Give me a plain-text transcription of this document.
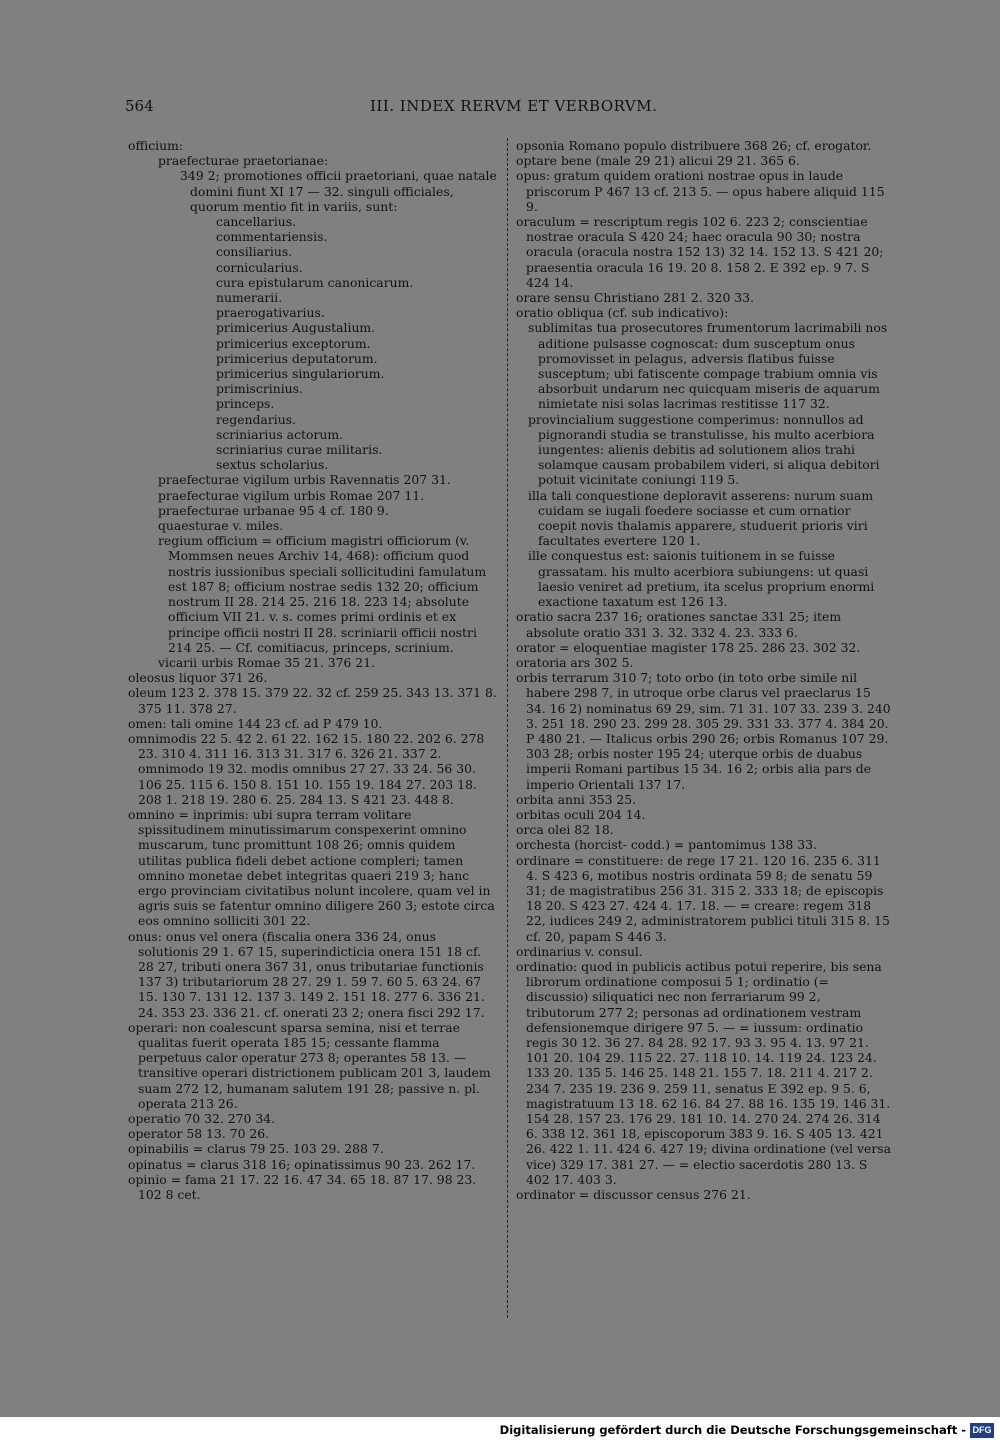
564	III. INDEX RERVM ET VERBORVM.

officium:

praefecturae praetorianae:

349 2; promotiones officii praetoriani, quae natale domini fiunt XI 17 — 32. singuli officiales, quorum mentio fit in variis, sunt:

cancellarius.

commentariensis.

consiliarius.

cornicularius.

cura epistularum canonicarum.

numerarii.

praerogativarius.

primicerius Augustalium.

primicerius exceptorum.

primicerius deputatorum.

primicerius singulariorum.

primiscrinius.

princeps.

regendarius.

scriniarius actorum.

scriniarius curae militaris.

sextus scholarius.

praefecturae vigilum urbis Ravennatis 207 31.

praefecturae vigilum urbis Romae 207 11.

praefecturae urbanae 95 4 cf. 180 9.

quaesturae v. miles.

regium officium = officium magistri officiorum (v. Mommsen neues Archiv 14, 468): officium quod nostris iussionibus speciali sollicitudini famulatum est 187 8; officium nostrae sedis 132 20; officium nostrum II 28. 214 25. 216 18. 223 14; absolute officium VII 21. v. s. comes primi ordinis et ex principe officii nostri II 28. scriniarii officii nostri 214 25. — Cf. comitiacus, princeps, scrinium.

vicarii urbis Romae 35 21. 376 21.

oleosus liquor 371 26.

oleum 123 2. 378 15. 379 22. 32 cf. 259 25. 343 13. 371 8. 375 11. 378 27.

omen: tali omine 144 23 cf. ad P 479 10.

omnimodis 22 5. 42 2. 61 22. 162 15. 180 22. 202 6. 278 23. 310 4. 311 16. 313 31. 317 6. 326 21. 337 2. omnimodo 19 32. modis omnibus 27 27. 33 24. 56 30. 106 25. 115 6. 150 8. 151 10. 155 19. 184 27. 203 18. 208 1. 218 19. 280 6. 25. 284 13. S 421 23. 448 8.

omnino = inprimis: ubi supra terram volitare spissitudinem minutissimarum conspexerint omnino muscarum, tunc promittunt 108 26; omnis quidem utilitas publica fideli debet actione compleri; tamen omnino monetae debet integritas quaeri 219 3; hanc ergo provinciam civitatibus nolunt incolere, quam vel in agris suis se fatentur omnino diligere 260 3; estote circa eos omnino solliciti 301 22.

onus: onus vel onera (fiscalia onera 336 24, onus solutionis 29 1. 67 15, superindicticia onera 151 18 cf. 28 27, tributi onera 367 31, onus tributariae functionis 137 3) tributariorum 28 27. 29 1. 59 7. 60 5. 63 24. 67 15. 130 7. 131 12. 137 3. 149 2. 151 18. 277 6. 336 21. 24. 353 23. 336 21. cf. onerati 23 2; onera fisci 292 17.

operari: non coalescunt sparsa semina, nisi et terrae qualitas fuerit operata 185 15; cessante flamma perpetuus calor operatur 273 8; operantes 58 13. — transitive operari districtionem publicam 201 3, laudem suam 272 12, humanam salutem 191 28; passive n. pl. operata 213 26.

operatio 70 32. 270 34.

operator 58 13. 70 26.

opinabilis = clarus 79 25. 103 29. 288 7.

opinatus = clarus 318 16; opinatissimus 90 23. 262 17.

opinio = fama 21 17. 22 16. 47 34. 65 18. 87 17. 98 23. 102 8 cet.

opsonia Romano populo distribuere 368 26; cf. erogator.

optare bene (male 29 21) alicui 29 21. 365 6.

opus: gratum quidem orationi nostrae opus in laude priscorum P 467 13 cf. 213 5. — opus habere aliquid 115 9.

oraculum = rescriptum regis 102 6. 223 2; conscientiae nostrae oracula S 420 24; haec oracula 90 30; nostra oracula (oracula nostra 152 13) 32 14. 152 13. S 421 20; praesentia oracula 16 19. 20 8. 158 2. E 392 ep. 9 7. S 424 14.

orare sensu Christiano 281 2. 320 33.

oratio obliqua (cf. sub indicativo):

sublimitas tua prosecutores frumentorum lacrimabili nos aditione pulsasse cognoscat: dum susceptum onus promovisset in pelagus, adversis flatibus fuisse susceptum; ubi fatiscente compage trabium omnia vis absorbuit undarum nec quicquam miseris de aquarum nimietate nisi solas lacrimas restitisse 117 32.

provincialium suggestione comperimus: nonnullos ad pignorandi studia se transtulisse, his multo acerbiora iungentes: alienis debitis ad solutionem alios trahi solamque causam probabilem videri, si aliqua debitori potuit vicinitate coniungi 119 5.

illa tali conquestione deploravit asserens: nurum suam cuidam se iugali foedere sociasse et cum ornatior coepit novis thalamis apparere, studuerit prioris viri facultates evertere 120 1.

ille conquestus est: saionis tuitionem in se fuisse grassatam. his multo acerbiora subiungens: ut quasi laesio veniret ad pretium, ita scelus proprium enormi exactione taxatum est 126 13.

oratio sacra 237 16; orationes sanctae 331 25; item absolute oratio 331 3. 32. 332 4. 23. 333 6.

orator = eloquentiae magister 178 25. 286 23. 302 32.

oratoria ars 302 5.

orbis terrarum 310 7; toto orbo (in toto orbe simile nil habere 298 7, in utroque orbe clarus vel praeclarus 15 34. 16 2) nominatus 69 29, sim. 71 31. 107 33. 239 3. 240 3. 251 18. 290 23. 299 28. 305 29. 331 33. 377 4. 384 20. P 480 21. — Italicus orbis 290 26; orbis Romanus 107 29. 303 28; orbis noster 195 24; uterque orbis de duabus imperii Romani partibus 15 34. 16 2; orbis alia pars de imperio Orientali 137 17.

orbita anni 353 25.

orbitas oculi 204 14.

orca olei 82 18.

orchesta (horcist- codd.) = pantomimus 138 33.

ordinare = constituere: de rege 17 21. 120 16. 235 6. 311 4. S 423 6, motibus nostris ordinata 59 8; de senatu 59 31; de magistratibus 256 31. 315 2. 333 18; de episcopis 18 20. S 423 27. 424 4. 17. 18. — = creare: regem 318 22, iudices 249 2, administratorem publici tituli 315 8. 15 cf. 20, papam S 446 3.

ordinarius v. consul.

ordinatio: quod in publicis actibus potui reperire, bis sena librorum ordinatione composui 5 1; ordinatio (= discussio) siliquatici nec non ferrariarum 99 2, tributorum 277 2; personas ad ordinationem vestram defensionemque dirigere 97 5. — = iussum: ordinatio regis 30 12. 36 27. 84 28. 92 17. 93 3. 95 4. 13. 97 21. 101 20. 104 29. 115 22. 27. 118 10. 14. 119 24. 123 24. 133 20. 135 5. 146 25. 148 21. 155 7. 18. 211 4. 217 2. 234 7. 235 19. 236 9. 259 11, senatus E 392 ep. 9 5. 6, magistratuum 13 18. 62 16. 84 27. 88 16. 135 19. 146 31. 154 28. 157 23. 176 29. 181 10. 14. 270 24. 274 26. 314 6. 338 12. 361 18, episcoporum 383 9. 16. S 405 13. 421 26. 422 1. 11. 424 6. 427 19; divina ordinatione (vel versa vice) 329 17. 381 27. — = electio sacerdotis 280 13. S 402 17. 403 3.

ordinator = discussor census 276 21.

Digitalisierung gefördert durch die Deutsche Forschungsgemeinschaft - DFG
